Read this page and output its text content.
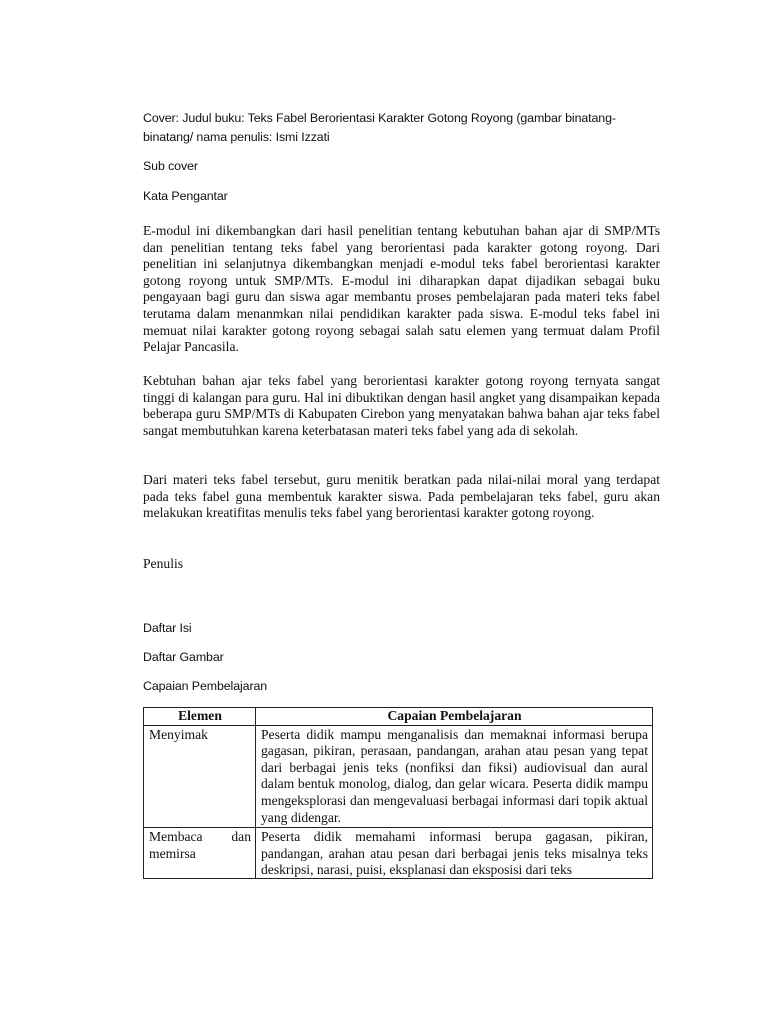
Cover: Judul buku: Teks Fabel Berorientasi Karakter Gotong Royong (gambar binatang-
binatang/ nama penulis: Ismi Izzati
Sub cover
Kata Pengantar

E-modul ini dikembangkan dari hasil penelitian tentang kebutuhan bahan ajar di SMP/MTs dan penelitian tentang teks fabel yang berorientasi pada karakter gotong royong. Dari penelitian ini selanjutnya dikembangkan menjadi e-modul teks fabel berorientasi karakter gotong royong untuk SMP/MTs. E-modul ini diharapkan dapat dijadikan sebagai buku pengayaan bagi guru dan siswa agar membantu proses pembelajaran pada materi teks fabel terutama dalam menanmkan nilai pendidikan karakter pada siswa. E-modul teks fabel ini memuat nilai karakter gotong royong sebagai salah satu elemen yang termuat dalam Profil Pelajar Pancasila.

Kebtuhan bahan ajar teks fabel yang berorientasi karakter gotong royong ternyata sangat tinggi di kalangan para guru. Hal ini dibuktikan dengan hasil angket yang disampaikan kepada beberapa guru SMP/MTs di Kabupaten Cirebon yang menyatakan bahwa bahan ajar teks fabel sangat membutuhkan karena keterbatasan materi teks fabel yang ada di sekolah.

Dari materi teks fabel tersebut, guru menitik beratkan pada nilai-nilai moral yang terdapat pada teks fabel guna membentuk karakter siswa. Pada pembelajaran teks fabel, guru akan melakukan kreatifitas menulis teks fabel yang berorientasi karakter gotong royong.

Penulis
Daftar Isi
Daftar Gambar
Capaian Pembelajaran
Elemen	Capaian Pembelajaran
Menyimak	Peserta didik mampu menganalisis dan memaknai informasi berupa gagasan, pikiran, perasaan, pandangan, arahan atau pesan yang tepat dari berbagai jenis teks (nonfiksi dan fiksi) audiovisual dan aural dalam bentuk monolog, dialog, dan gelar wicara. Peserta didik mampu mengeksplorasi dan mengevaluasi berbagai informasi dari topik aktual yang didengar.
Membaca dan memirsa	Peserta didik memahami informasi berupa gagasan, pikiran, pandangan, arahan atau pesan dari berbagai jenis teks misalnya teks deskripsi, narasi, puisi, eksplanasi dan eksposisi dari teks
